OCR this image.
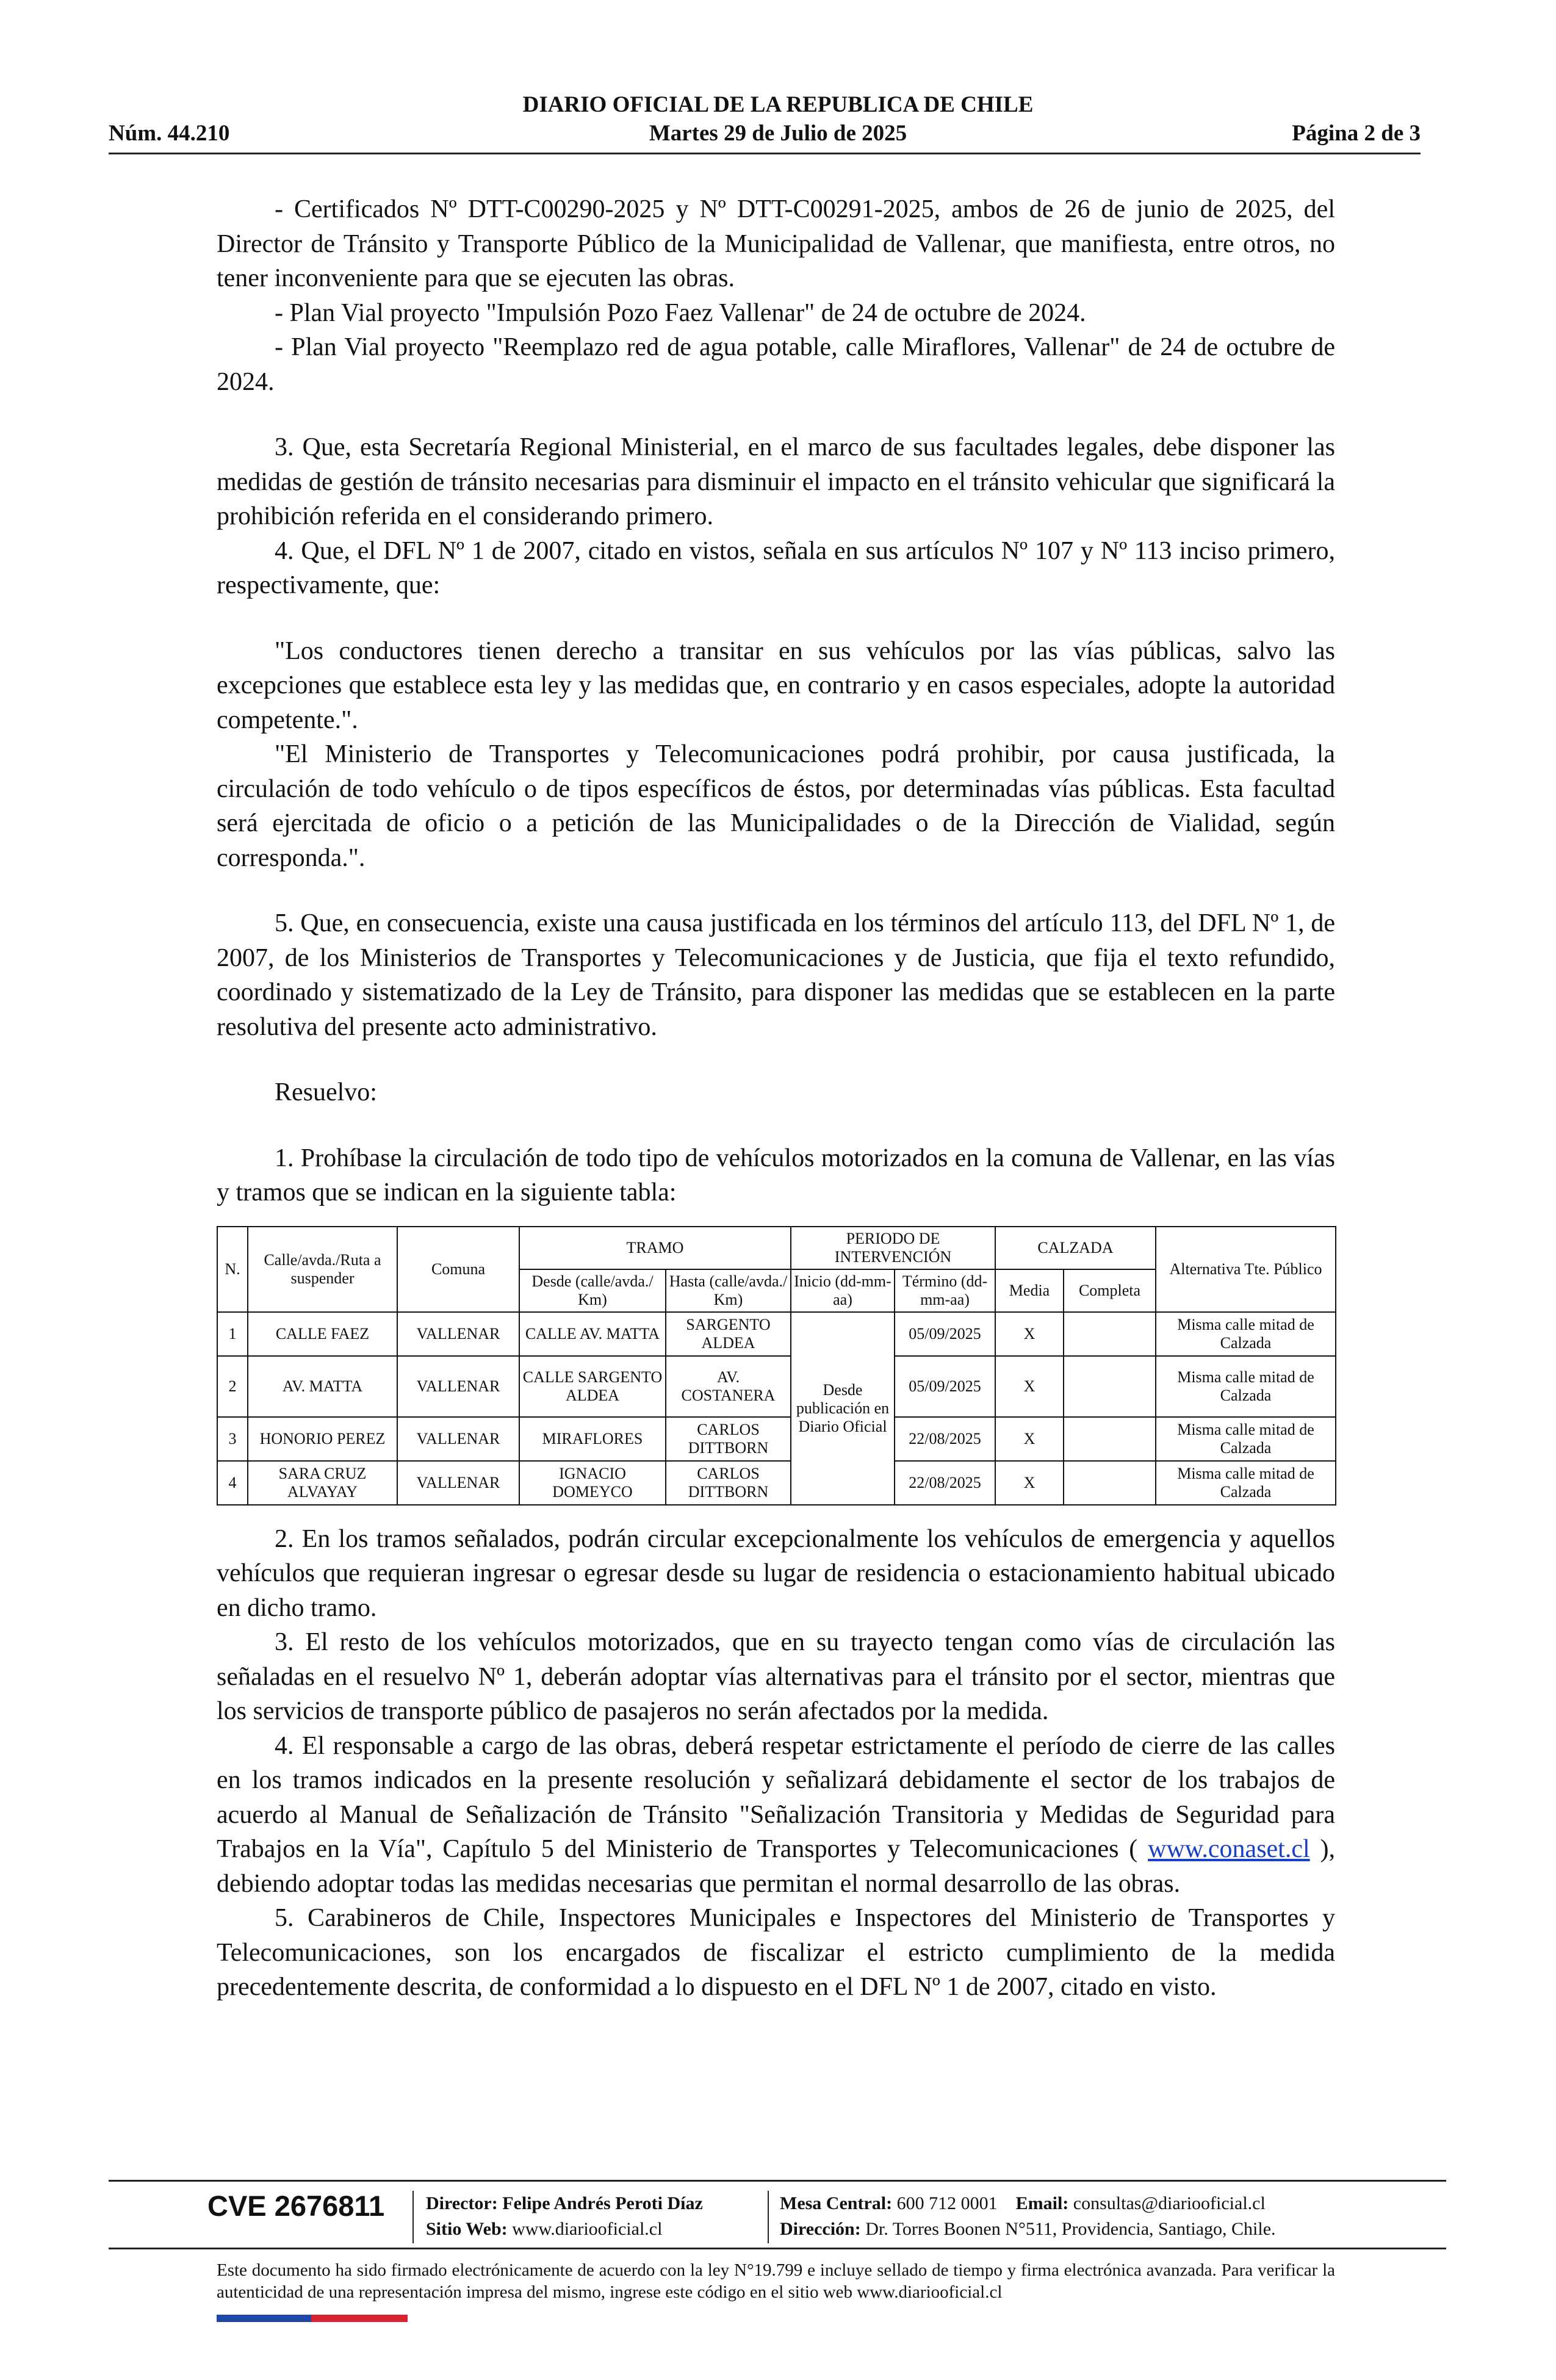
DIARIO OFICIAL DE LA REPUBLICA DE CHILE
Núm. 44.210	Martes 29 de Julio de 2025	Página 2 de 3

- Certificados Nº DTT-C00290-2025 y Nº DTT-C00291-2025, ambos de 26 de junio de 2025, del Director de Tránsito y Transporte Público de la Municipalidad de Vallenar, que manifiesta, entre otros, no tener inconveniente para que se ejecuten las obras.

- Plan Vial proyecto "Impulsión Pozo Faez Vallenar" de 24 de octubre de 2024.

- Plan Vial proyecto "Reemplazo red de agua potable, calle Miraflores, Vallenar" de 24 de octubre de 2024.

3. Que, esta Secretaría Regional Ministerial, en el marco de sus facultades legales, debe disponer las medidas de gestión de tránsito necesarias para disminuir el impacto en el tránsito vehicular que significará la prohibición referida en el considerando primero.

4. Que, el DFL Nº 1 de 2007, citado en vistos, señala en sus artículos Nº 107 y Nº 113 inciso primero, respectivamente, que:

"Los conductores tienen derecho a transitar en sus vehículos por las vías públicas, salvo las excepciones que establece esta ley y las medidas que, en contrario y en casos especiales, adopte la autoridad competente.".

"El Ministerio de Transportes y Telecomunicaciones podrá prohibir, por causa justificada, la circulación de todo vehículo o de tipos específicos de éstos, por determinadas vías públicas. Esta facultad será ejercitada de oficio o a petición de las Municipalidades o de la Dirección de Vialidad, según corresponda.".

5. Que, en consecuencia, existe una causa justificada en los términos del artículo 113, del DFL Nº 1, de 2007, de los Ministerios de Transportes y Telecomunicaciones y de Justicia, que fija el texto refundido, coordinado y sistematizado de la Ley de Tránsito, para disponer las medidas que se establecen en la parte resolutiva del presente acto administrativo.

Resuelvo:

1. Prohíbase la circulación de todo tipo de vehículos motorizados en la comuna de Vallenar, en las vías y tramos que se indican en la siguiente tabla:

N.	Calle/avda./Ruta a suspender	Comuna	TRAMO		PERIODO DE INTERVENCIÓN		CALZADA		Alternativa Tte. Público
			Desde (calle/avda./ Km)	Hasta (calle/avda./ Km)	Inicio (dd-mm-aa)	Término (dd-mm-aa)	Media	Completa	
1	CALLE FAEZ	VALLENAR	CALLE AV. MATTA	SARGENTO ALDEA	Desde publicación en Diario Oficial	05/09/2025	X		Misma calle mitad de Calzada
2	AV. MATTA	VALLENAR	CALLE SARGENTO ALDEA	AV. COSTANERA		05/09/2025	X		Misma calle mitad de Calzada
3	HONORIO PEREZ	VALLENAR	MIRAFLORES	CARLOS DITTBORN		22/08/2025	X		Misma calle mitad de Calzada
4	SARA CRUZ ALVAYAY	VALLENAR	IGNACIO DOMEYCO	CARLOS DITTBORN		22/08/2025	X		Misma calle mitad de Calzada

2. En los tramos señalados, podrán circular excepcionalmente los vehículos de emergencia y aquellos vehículos que requieran ingresar o egresar desde su lugar de residencia o estacionamiento habitual ubicado en dicho tramo.

3. El resto de los vehículos motorizados, que en su trayecto tengan como vías de circulación las señaladas en el resuelvo Nº 1, deberán adoptar vías alternativas para el tránsito por el sector, mientras que los servicios de transporte público de pasajeros no serán afectados por la medida.

4. El responsable a cargo de las obras, deberá respetar estrictamente el período de cierre de las calles en los tramos indicados en la presente resolución y señalizará debidamente el sector de los trabajos de acuerdo al Manual de Señalización de Tránsito "Señalización Transitoria y Medidas de Seguridad para Trabajos en la Vía", Capítulo 5 del Ministerio de Transportes y Telecomunicaciones ( www.conaset.cl ), debiendo adoptar todas las medidas necesarias que permitan el normal desarrollo de las obras.

5. Carabineros de Chile, Inspectores Municipales e Inspectores del Ministerio de Transportes y Telecomunicaciones, son los encargados de fiscalizar el estricto cumplimiento de la medida precedentemente descrita, de conformidad a lo dispuesto en el DFL Nº 1 de 2007, citado en visto.

CVE 2676811 Director: Felipe Andrés Peroti Díaz
Sitio Web: www.diariooficial.cl
Mesa Central: 600 712 0001 Email: consultas@diariooficial.cl
Dirección: Dr. Torres Boonen N°511, Providencia, Santiago, Chile.
Este documento ha sido firmado electrónicamente de acuerdo con la ley N°19.799 e incluye sellado de tiempo y firma electrónica avanzada. Para verificar la autenticidad de una representación impresa del mismo, ingrese este código en el sitio web www.diariooficial.cl
